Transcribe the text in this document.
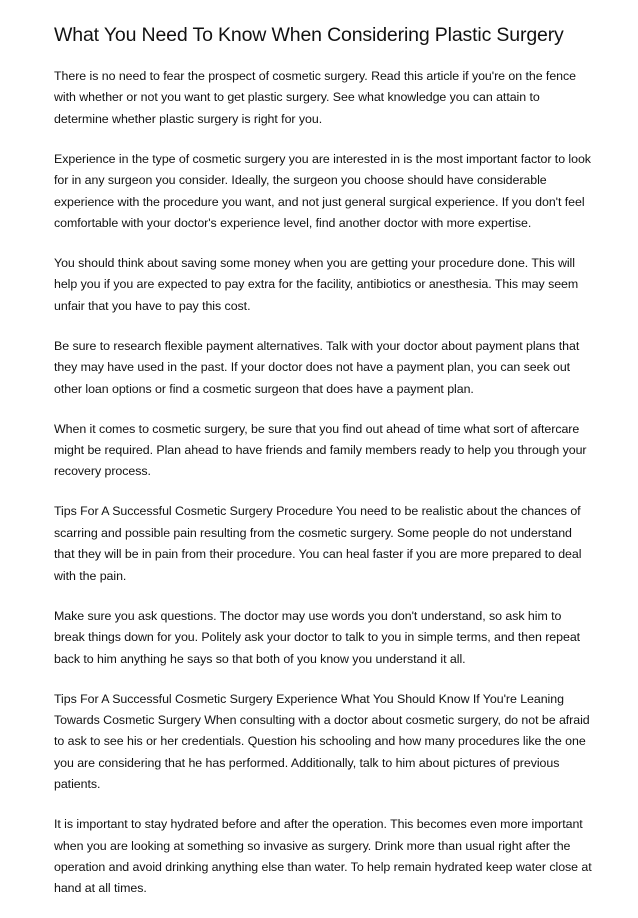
What You Need To Know When Considering Plastic Surgery

There is no need to fear the prospect of cosmetic surgery. Read this article if you're on the fence with whether or not you want to get plastic surgery. See what knowledge you can attain to determine whether plastic surgery is right for you.

Experience in the type of cosmetic surgery you are interested in is the most important factor to look for in any surgeon you consider. Ideally, the surgeon you choose should have considerable experience with the procedure you want, and not just general surgical experience. If you don't feel comfortable with your doctor's experience level, find another doctor with more expertise.

You should think about saving some money when you are getting your procedure done. This will help you if you are expected to pay extra for the facility, antibiotics or anesthesia. This may seem unfair that you have to pay this cost.

Be sure to research flexible payment alternatives. Talk with your doctor about payment plans that they may have used in the past. If your doctor does not have a payment plan, you can seek out other loan options or find a cosmetic surgeon that does have a payment plan.

When it comes to cosmetic surgery, be sure that you find out ahead of time what sort of aftercare might be required. Plan ahead to have friends and family members ready to help you through your recovery process.

Tips For A Successful Cosmetic Surgery Procedure You need to be realistic about the chances of scarring and possible pain resulting from the cosmetic surgery. Some people do not understand that they will be in pain from their procedure. You can heal faster if you are more prepared to deal with the pain.

Make sure you ask questions. The doctor may use words you don't understand, so ask him to break things down for you. Politely ask your doctor to talk to you in simple terms, and then repeat back to him anything he says so that both of you know you understand it all.

Tips For A Successful Cosmetic Surgery Experience What You Should Know If You're Leaning Towards Cosmetic Surgery When consulting with a doctor about cosmetic surgery, do not be afraid to ask to see his or her credentials. Question his schooling and how many procedures like the one you are considering that he has performed. Additionally, talk to him about pictures of previous patients.

It is important to stay hydrated before and after the operation. This becomes even more important when you are looking at something so invasive as surgery. Drink more than usual right after the operation and avoid drinking anything else than water. To help remain hydrated keep water close at hand at all times.
